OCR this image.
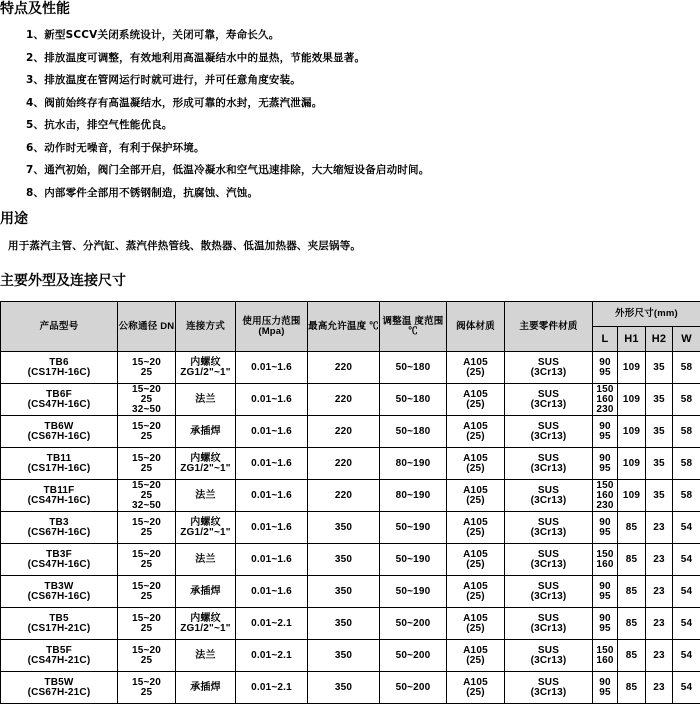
特点及性能
1、新型SCCV关闭系统设计，关闭可靠，寿命长久。
2、排放温度可调整，有效地利用高温凝结水中的显热，节能效果显著。
3、排放温度在管网运行时就可进行，并可任意角度安装。
4、阀前始终存有高温凝结水，形成可靠的水封，无蒸汽泄漏。
5、抗水击，排空气性能优良。
6、动作时无噪音，有利于保护环境。
7、通汽初始，阀门全部开启，低温冷凝水和空气迅速排除，大大缩短设备启动时间。
8、内部零件全部用不锈钢制造，抗腐蚀、汽蚀。
用途
用于蒸汽主管、分汽缸、蒸汽伴热管线、散热器、低温加热器、夹层锅等。
主要外型及连接尺寸
产品型号	公称通径 DN	连接方式	使用压力范围 (Mpa)	最高允许温度 ℃	调整温 度范围 ℃	阀体材质	主要零件材质	外形尺寸(mm)			
								L	H1	H2	W

TB6
(CS17H-16C)	15~20
25	内螺纹
ZG1/2"~1"	0.01~1.6	220	50~180	A105
(25)	SUS
(3Cr13)	90
95	109	35	58

TB6F
(CS47H-16C)	15~20
25
32~50	法兰	0.01~1.6	220	50~180	A105
(25)	SUS
(3Cr13)	150
160
230	109	35	58

TB6W
(CS67H-16C)	15~20
25	承插焊	0.01~1.6	220	50~180	A105
(25)	SUS
(3Cr13)	90
95	109	35	58

TB11
(CS17H-16C)	15~20
25	内螺纹
ZG1/2"~1"	0.01~1.6	220	80~190	A105
(25)	SUS
(3Cr13)	90
95	109	35	58

TB11F
(CS47H-16C)	15~20
25
32~50	法兰	0.01~1.6	220	80~190	A105
(25)	SUS
(3Cr13)	150
160
230	109	35	58

TB3
(CS67H-16C)	15~20
25	内螺纹
ZG1/2"~1"	0.01~1.6	350	50~190	A105
(25)	SUS
(3Cr13)	90
95	85	23	54

TB3F
(CS47H-16C)	15~20
25	法兰	0.01~1.6	350	50~190	A105
(25)	SUS
(3Cr13)	150
160	85	23	54

TB3W
(CS67H-16C)	15~20
25	承插焊	0.01~1.6	350	50~190	A105
(25)	SUS
(3Cr13)	90
95	85	23	54

TB5
(CS17H-21C)	15~20
25	内螺纹
ZG1/2"~1"	0.01~2.1	350	50~200	A105
(25)	SUS
(3Cr13)	90
95	85	23	54

TB5F
(CS47H-21C)	15~20
25	法兰	0.01~2.1	350	50~200	A105
(25)	SUS
(3Cr13)	150
160	85	23	54

TB5W
(CS67H-21C)	15~20
25	承插焊	0.01~2.1	350	50~200	A105
(25)	SUS
(3Cr13)	90
95	85	23	54
